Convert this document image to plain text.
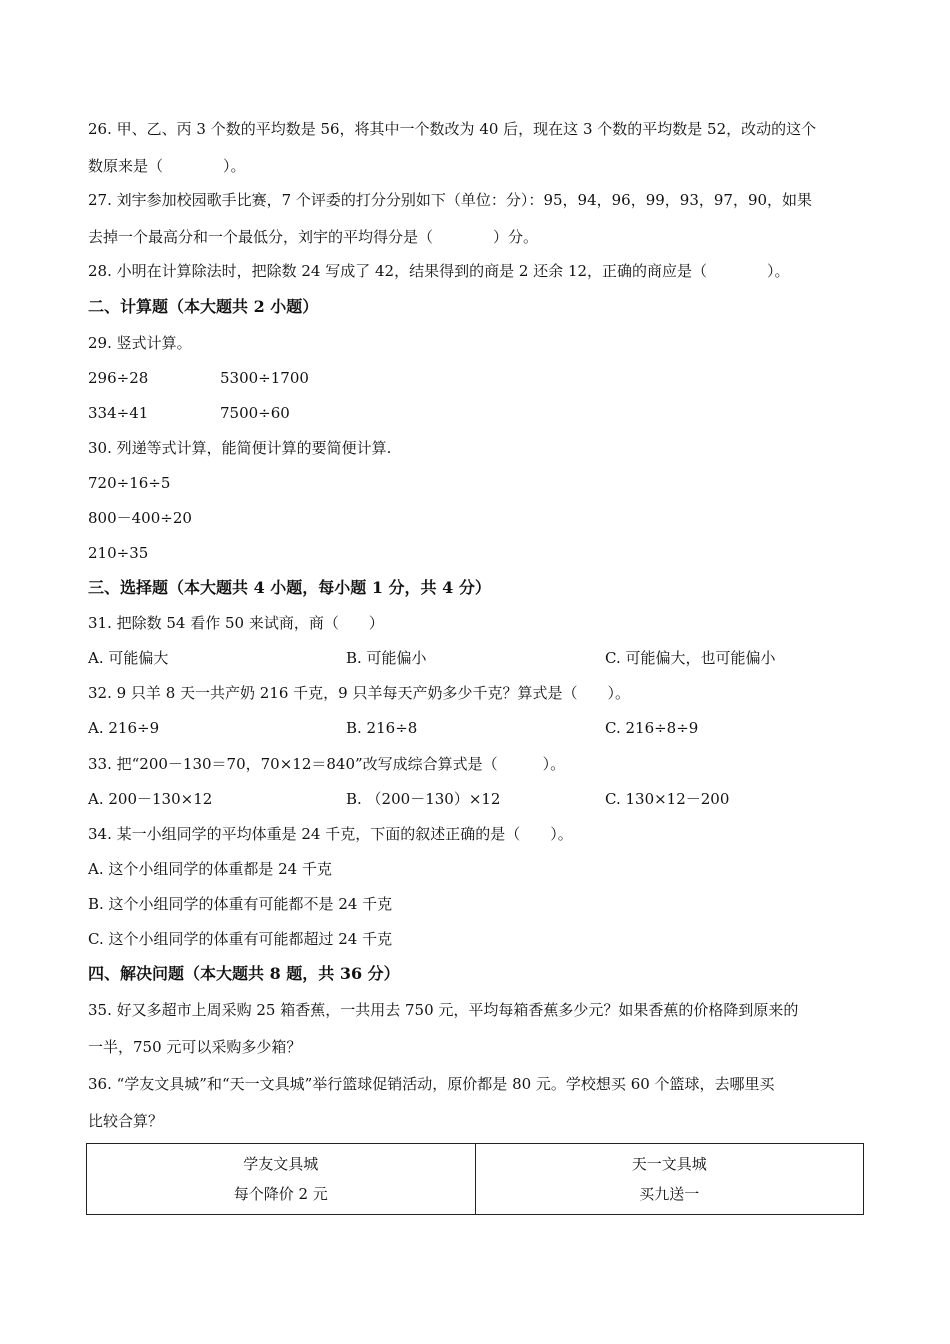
26. 甲、乙、丙 3 个数的平均数是 56，将其中一个数改为 40 后，现在这 3 个数的平均数是 52，改动的这个
数原来是（　　　　）。
27. 刘宇参加校园歌手比赛，7 个评委的打分分别如下（单位：分）：95，94，96，99，93，97，90，如果
去掉一个最高分和一个最低分，刘宇的平均得分是（　　　　）分。
28. 小明在计算除法时，把除数 24 写成了 42，结果得到的商是 2 还余 12，正确的商应是（　　　　）。
二、计算题（本大题共 2 小题）
29. 竖式计算。
296÷28	5300÷1700
334÷41	7500÷60
30. 列递等式计算，能简便计算的要简便计算.
720÷16÷5
800－400÷20
210÷35
三、选择题（本大题共 4 小题，每小题 1 分，共 4 分）
31. 把除数 54 看作 50 来试商，商（　　）
A. 可能偏大	B. 可能偏小	C. 可能偏大，也可能偏小
32. 9 只羊 8 天一共产奶 216 千克，9 只羊每天产奶多少千克？算式是（　　）。
A. 216÷9	B. 216÷8	C. 216÷8÷9
33. 把“200－130＝70，70×12＝840”改写成综合算式是（　　　）。
A. 200－130×12	B. （200－130）×12	C. 130×12－200
34. 某一小组同学的平均体重是 24 千克，下面的叙述正确的是（　　）。
A. 这个小组同学的体重都是 24 千克
B. 这个小组同学的体重有可能都不是 24 千克
C. 这个小组同学的体重有可能都超过 24 千克
四、解决问题（本大题共 8 题，共 36 分）
35. 好又多超市上周采购 25 箱香蕉，一共用去 750 元，平均每箱香蕉多少元？如果香蕉的价格降到原来的
一半，750 元可以采购多少箱？
36. “学友文具城”和“天一文具城”举行篮球促销活动，原价都是 80 元。学校想买 60 个篮球，去哪里买
比较合算？
学友文具城
每个降价 2 元

天一文具城
买九送一
